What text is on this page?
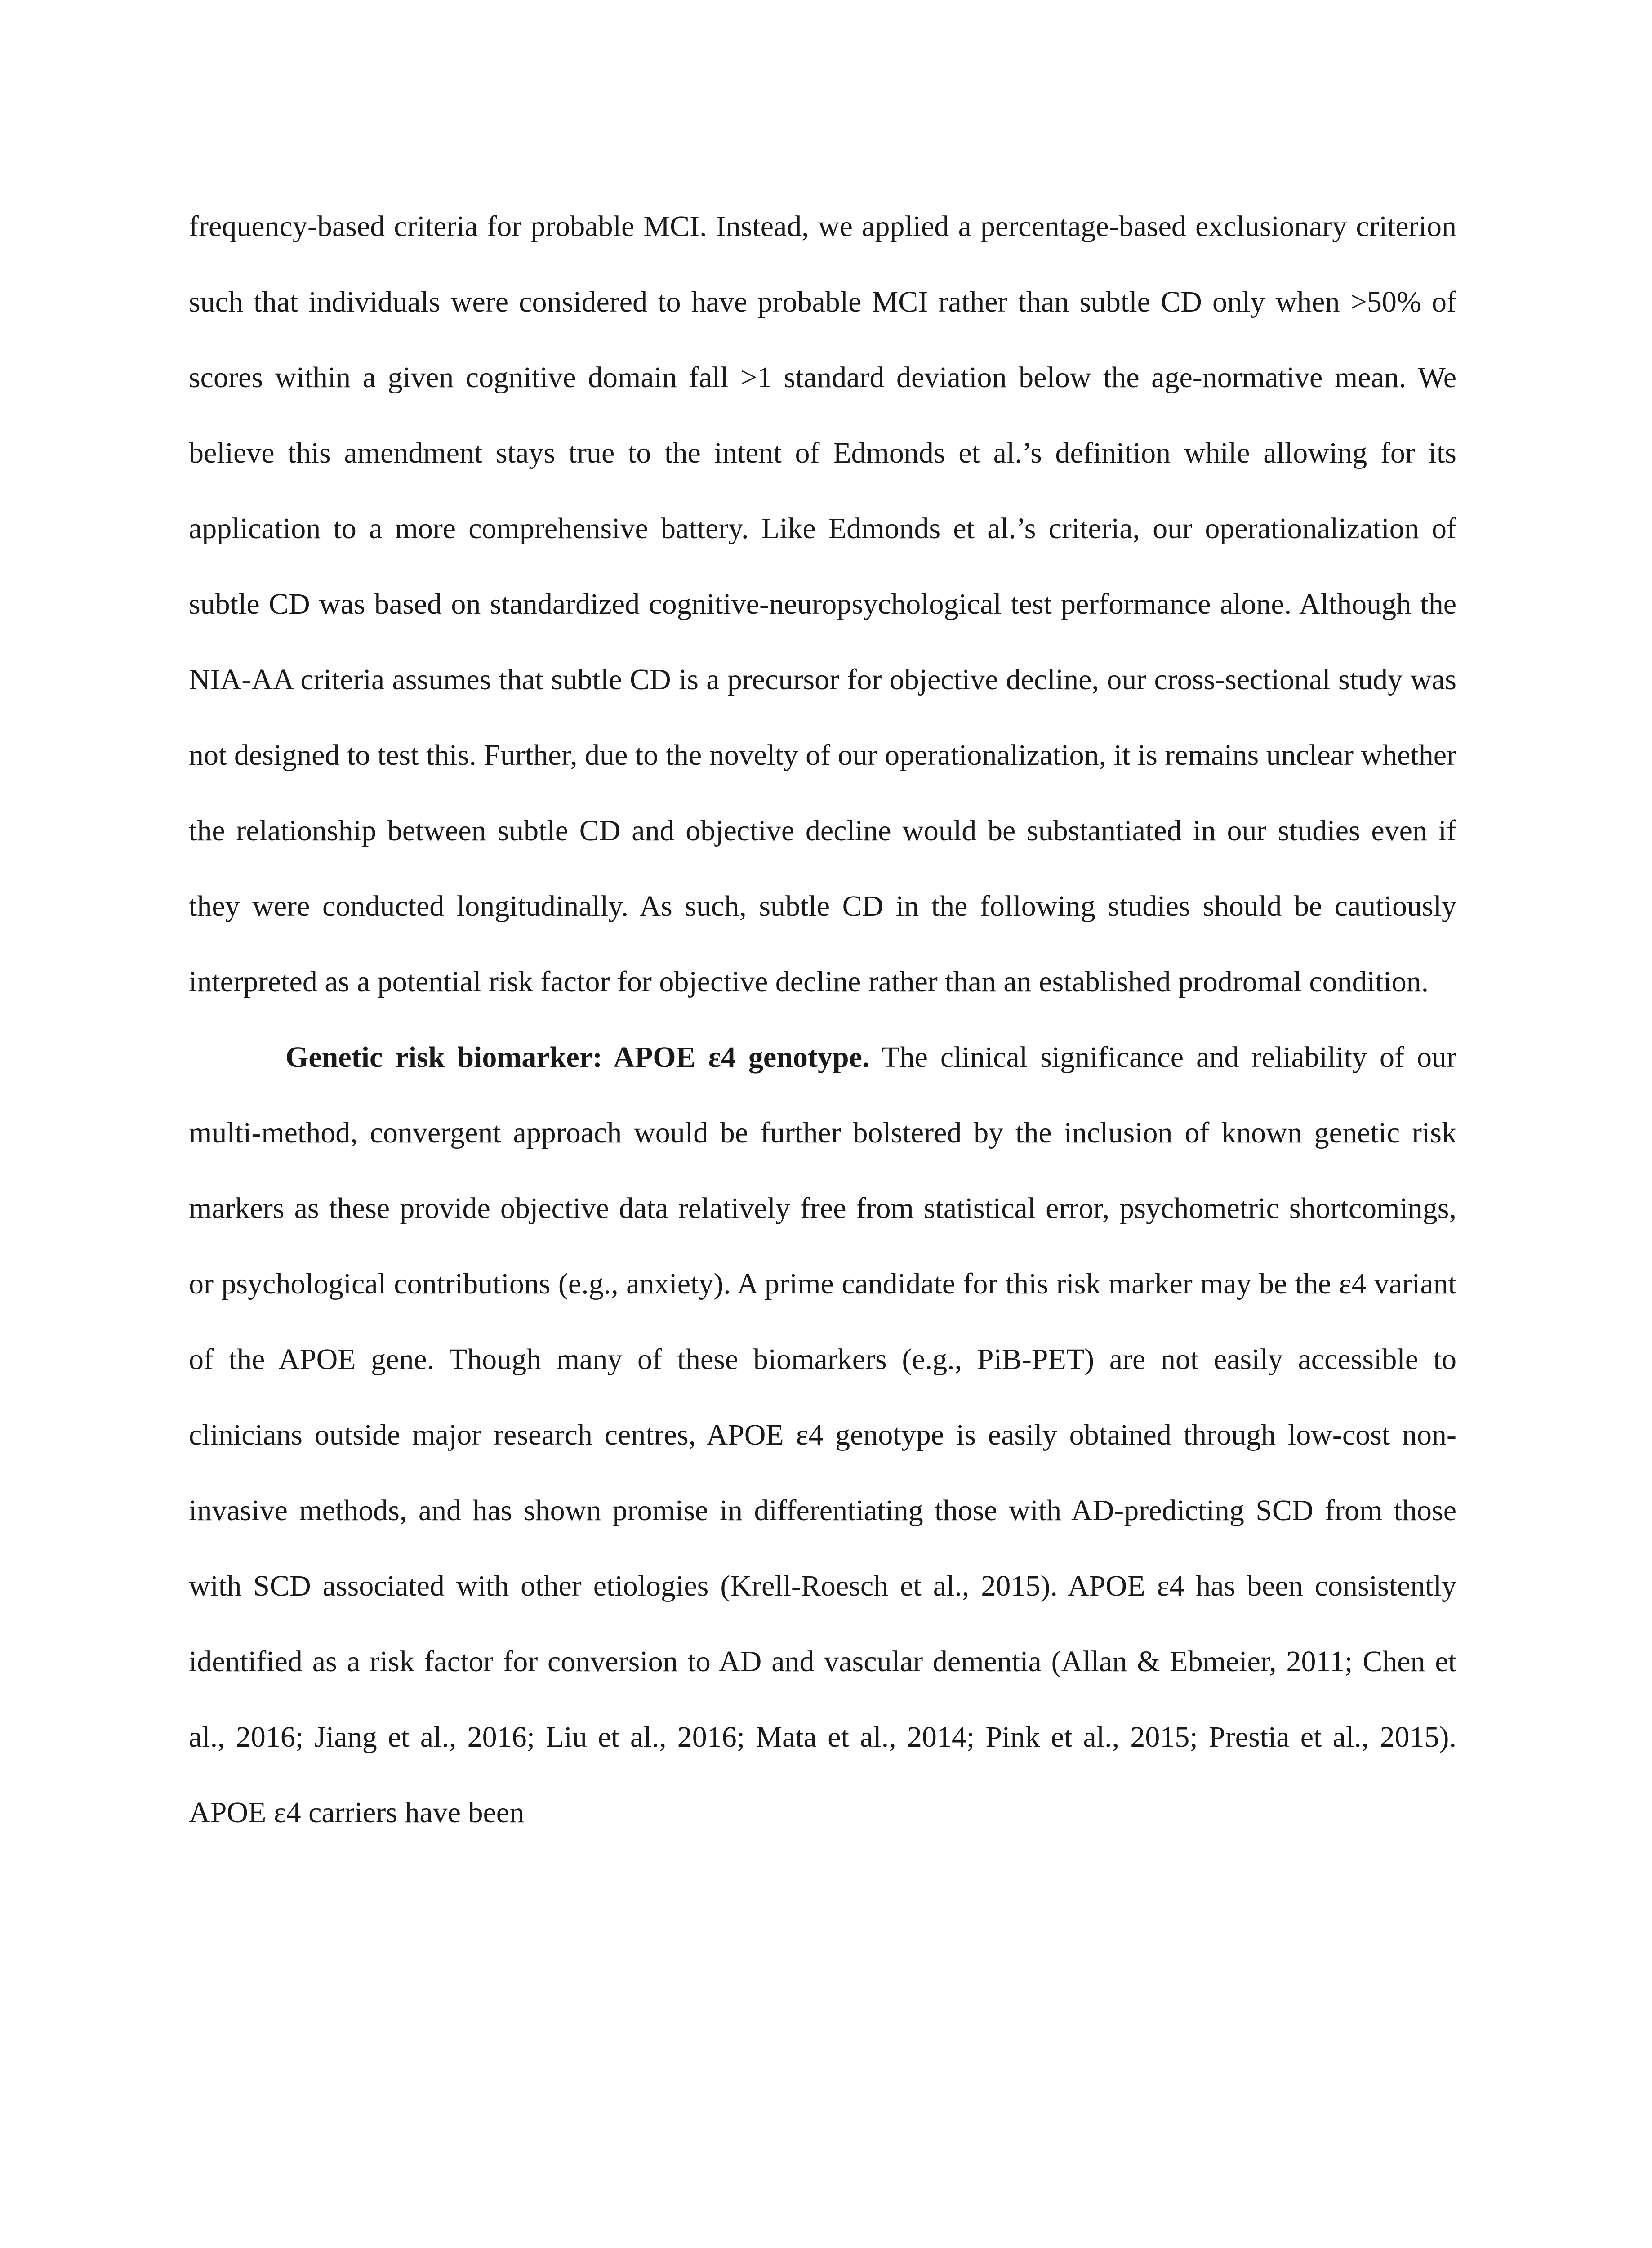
frequency-based criteria for probable MCI. Instead, we applied a percentage-based exclusionary criterion such that individuals were considered to have probable MCI rather than subtle CD only when >50% of scores within a given cognitive domain fall >1 standard deviation below the age-normative mean. We believe this amendment stays true to the intent of Edmonds et al.’s definition while allowing for its application to a more comprehensive battery. Like Edmonds et al.’s criteria, our operationalization of subtle CD was based on standardized cognitive-neuropsychological test performance alone. Although the NIA-AA criteria assumes that subtle CD is a precursor for objective decline, our cross-sectional study was not designed to test this. Further, due to the novelty of our operationalization, it is remains unclear whether the relationship between subtle CD and objective decline would be substantiated in our studies even if they were conducted longitudinally. As such, subtle CD in the following studies should be cautiously interpreted as a potential risk factor for objective decline rather than an established prodromal condition.

Genetic risk biomarker: APOE ε4 genotype. The clinical significance and reliability of our multi-method, convergent approach would be further bolstered by the inclusion of known genetic risk markers as these provide objective data relatively free from statistical error, psychometric shortcomings, or psychological contributions (e.g., anxiety). A prime candidate for this risk marker may be the ε4 variant of the APOE gene. Though many of these biomarkers (e.g., PiB-PET) are not easily accessible to clinicians outside major research centres, APOE ε4 genotype is easily obtained through low-cost non-invasive methods, and has shown promise in differentiating those with AD-predicting SCD from those with SCD associated with other etiologies (Krell-Roesch et al., 2015). APOE ε4 has been consistently identified as a risk factor for conversion to AD and vascular dementia (Allan & Ebmeier, 2011; Chen et al., 2016; Jiang et al., 2016; Liu et al., 2016; Mata et al., 2014; Pink et al., 2015; Prestia et al., 2015). APOE ε4 carriers have been
